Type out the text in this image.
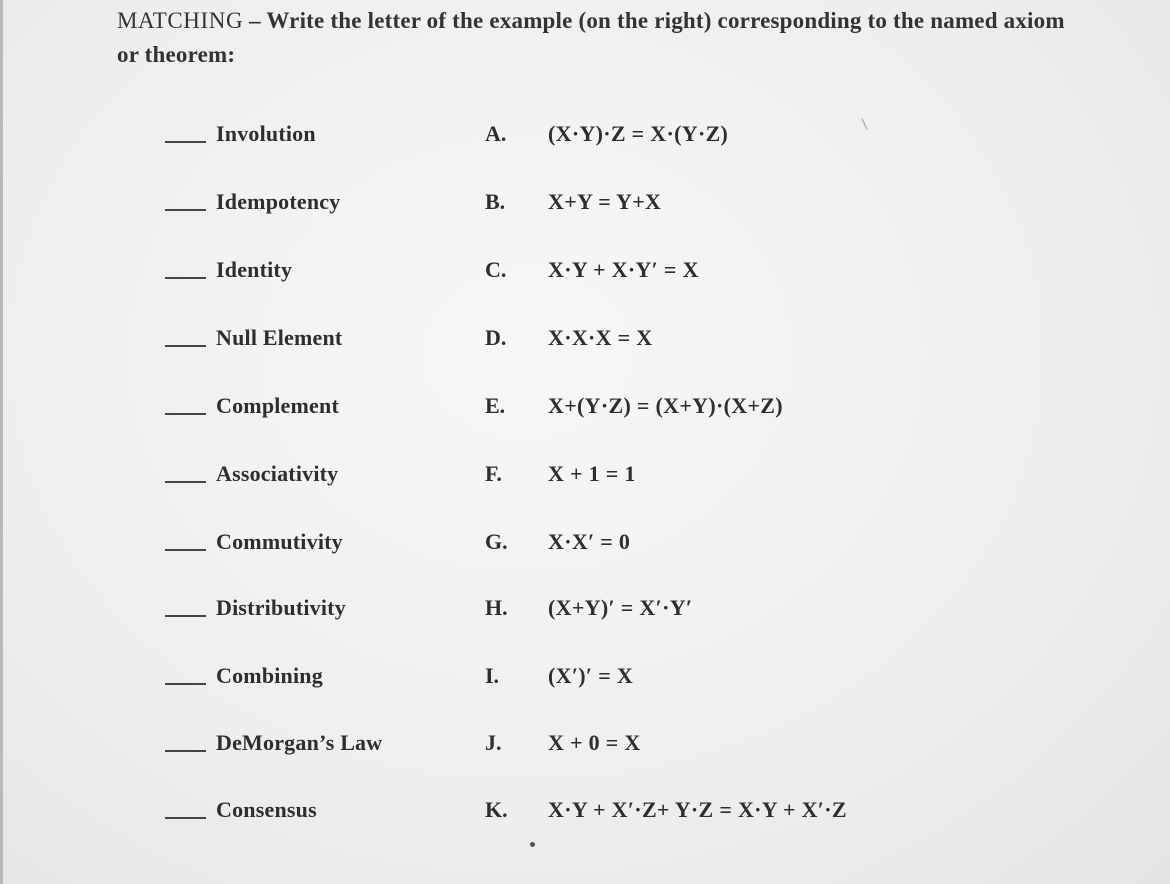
MATCHING – Write the letter of the example (on the right) corresponding to the named axiom or theorem:
Involution	A. (X·Y)·Z = X·(Y·Z)
Idempotency	B. X+Y = Y+X
Identity	C. X·Y + X·Y′ = X
Null Element	D. X·X·X = X
Complement	E. X+(Y·Z) = (X+Y)·(X+Z)
Associativity	F. X + 1 = 1
Commutivity	G. X·X′ = 0
Distributivity	H. (X+Y)′ = X′·Y′
Combining	I. (X′)′ = X
DeMorgan’s Law	J. X + 0 = X
Consensus	K. X·Y + X′·Z+ Y·Z = X·Y + X′·Z
